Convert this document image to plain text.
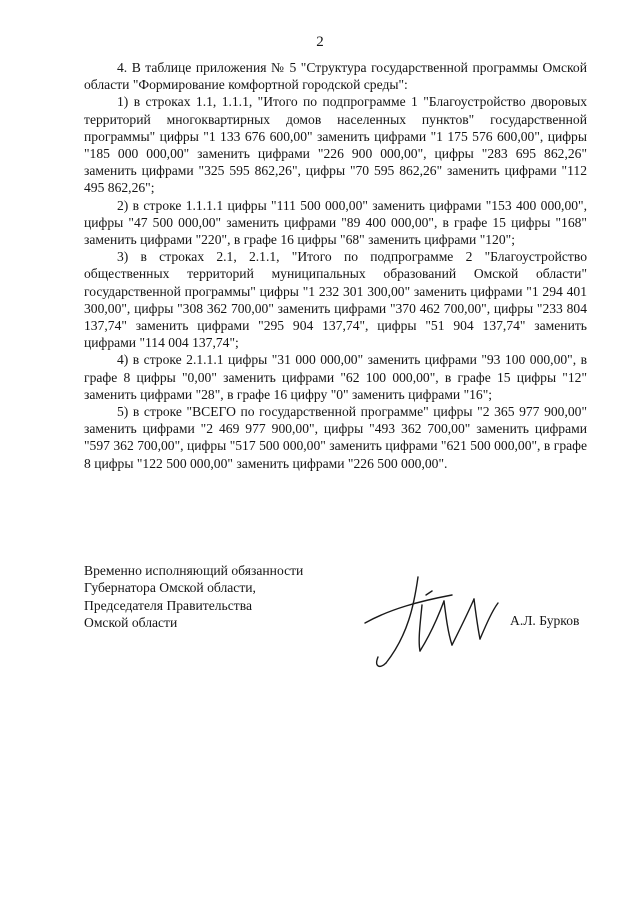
2

4. В таблице приложения № 5 "Структура государственной программы Омской области "Формирование комфортной городской среды":

1) в строках 1.1, 1.1.1, "Итого по подпрограмме 1 "Благоустройство дворовых территорий многоквартирных домов населенных пунктов" государственной программы" цифры "1 133 676 600,00" заменить цифрами "1 175 576 600,00", цифры "185 000 000,00" заменить цифрами "226 900 000,00", цифры "283 695 862,26" заменить цифрами "325 595 862,26", цифры "70 595 862,26" заменить цифрами "112 495 862,26";

2) в строке 1.1.1.1 цифры "111 500 000,00" заменить цифрами "153 400 000,00", цифры "47 500 000,00" заменить цифрами "89 400 000,00", в графе 15 цифры "168" заменить цифрами "220", в графе 16 цифры "68" заменить цифрами "120";

3) в строках 2.1, 2.1.1, "Итого по подпрограмме 2 "Благоустройство общественных территорий муниципальных образований Омской области" государственной программы" цифры "1 232 301 300,00" заменить цифрами "1 294 401 300,00", цифры "308 362 700,00" заменить цифрами "370 462 700,00", цифры "233 804 137,74" заменить цифрами "295 904 137,74", цифры "51 904 137,74" заменить цифрами "114 004 137,74";

4) в строке 2.1.1.1 цифры "31 000 000,00" заменить цифрами "93 100 000,00", в графе 8 цифры "0,00" заменить цифрами "62 100 000,00", в графе 15 цифры "12" заменить цифрами "28", в графе 16 цифру "0" заменить цифрами "16";

5) в строке "ВСЕГО по государственной программе" цифры "2 365 977 900,00" заменить цифрами "2 469 977 900,00", цифры "493 362 700,00" заменить цифрами "597 362 700,00", цифры "517 500 000,00" заменить цифрами "621 500 000,00", в графе 8 цифры "122 500 000,00" заменить цифрами "226 500 000,00".

Временно исполняющий обязанности
Губернатора Омской области,
Председателя Правительства
Омской области	А.Л. Бурков
